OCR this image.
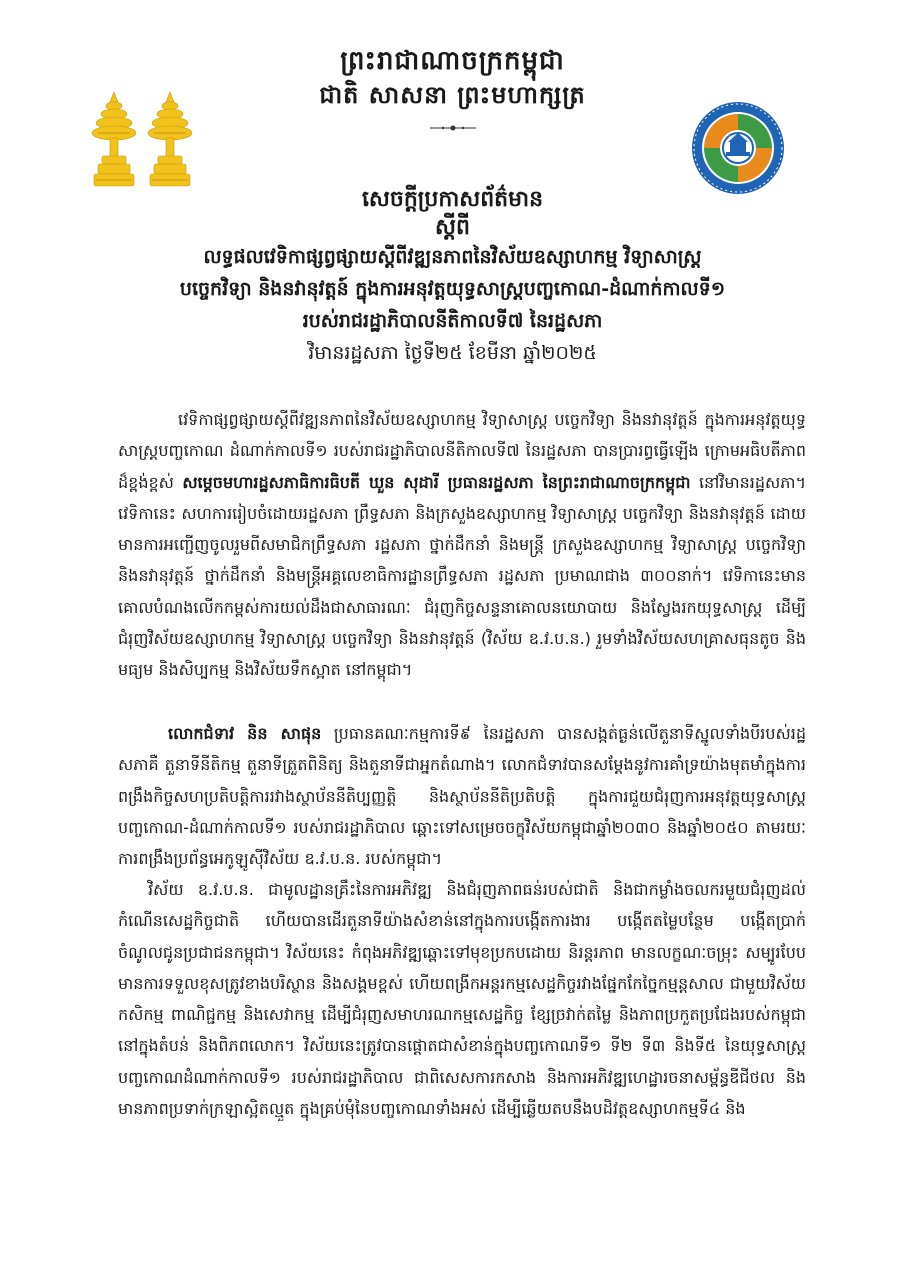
ព្រះរាជាណាចក្រកម្ពុជា
ជាតិ សាសនា ព្រះមហាក្សត្រ
សេចក្តីប្រកាសព័ត៌មាន
ស្តីពី
លទ្ធផលវេទិកាផ្សព្វផ្សាយស្តីពីវឌ្ឍនភាពនៃវិស័យឧស្សាហកម្ម វិទ្យាសាស្ត្រ
បច្ចេកវិទ្យា និងនវានុវត្តន៍ ក្នុងការអនុវត្តយុទ្ធសាស្ត្របញ្ចកោណ-ដំណាក់កាលទី១
របស់រាជរដ្ឋាភិបាលនីតិកាលទី៧ នៃរដ្ឋសភា
វិមានរដ្ឋសភា ថ្ងៃទី២៥ ខែមីនា ឆ្នាំ២០២៥
វេទិកាផ្សព្វផ្សាយស្តីពីវឌ្ឍនភាពនៃវិស័យឧស្សាហកម្ម វិទ្យាសាស្ត្រ បច្ចេកវិទ្យា និងនវានុវត្តន៍ ក្នុងការអនុវត្តយុទ្ធសាស្ត្របញ្ចកោណ ដំណាក់កាលទី១ របស់រាជរដ្ឋាភិបាលនីតិកាលទី៧ នៃរដ្ឋសភា បានប្រារព្ធធ្វើឡើង ក្រោមអធិបតីភាពដ៏ខ្ពង់ខ្ពស់ សម្តេចមហារដ្ឋសភាធិការធិបតី ឃួន សុដារី ប្រធានរដ្ឋសភា នៃព្រះរាជាណាចក្រកម្ពុជា នៅវិមានរដ្ឋសភា។ វេទិកានេះ សហការរៀបចំដោយរដ្ឋសភា ព្រឹទ្ធសភា និងក្រសួងឧស្សាហកម្ម វិទ្យាសាស្ត្រ បច្ចេកវិទ្យា និងនវានុវត្តន៍ ដោយមានការអញ្ជើញចូលរួមពីសមាជិកព្រឹទ្ធសភា រដ្ឋសភា ថ្នាក់ដឹកនាំ និងមន្ត្រី ក្រសួងឧស្សាហកម្ម វិទ្យាសាស្ត្រ បច្ចេកវិទ្យា និងនវានុវត្តន៍ ថ្នាក់ដឹកនាំ និងមន្ត្រីអគ្គលេខាធិការដ្ឋានព្រឹទ្ធសភា រដ្ឋសភា ប្រមាណជាង ៣០០នាក់។ វេទិកានេះមានគោលបំណងលើកកម្ពស់ការយល់ដឹងជាសាធារណៈ ជំរុញកិច្ចសន្ទនាគោលនយោបាយ និងស្វែងរកយុទ្ធសាស្ត្រ ដើម្បីជំរុញវិស័យឧស្សាហកម្ម វិទ្យាសាស្ត្រ បច្ចេកវិទ្យា និងនវានុវត្តន៍ (វិស័យ ឧ.វ.ប.ន.) រួមទាំងវិស័យសហគ្រាសធុនតូច និងមធ្យម និងសិប្បកម្ម និងវិស័យទឹកស្អាត នៅកម្ពុជា។
លោកជំទាវ និន សាផុន ប្រធានគណៈកម្មការទី៩ នៃរដ្ឋសភា បានសង្កត់ធ្ងន់លើតួនាទីស្នូលទាំងបីរបស់រដ្ឋសភាគឺ តួនាទីនីតិកម្ម តួនាទីត្រួតពិនិត្យ និងតួនាទីជាអ្នកតំណាង។ លោកជំទាវបានសម្តែងនូវការគាំទ្រយ៉ាងមុតមាំក្នុងការពង្រឹងកិច្ចសហប្រតិបត្តិការរវាងស្ថាប័ននីតិប្បញ្ញត្តិ និងស្ថាប័ននីតិប្រតិបត្តិ ក្នុងការជួយជំរុញការអនុវត្តយុទ្ធសាស្ត្របញ្ចកោណ-ដំណាក់កាលទី១ របស់រាជរដ្ឋាភិបាល ឆ្ពោះទៅសម្រេចចក្ខុវិស័យកម្ពុជាឆ្នាំ២០៣០ និងឆ្នាំ២០៥០ តាមរយៈការពង្រឹងប្រព័ន្ធអេកូឡូស៊ីវិស័យ ឧ.វ.ប.ន. របស់កម្ពុជា។
វិស័យ ឧ.វ.ប.ន. ជាមូលដ្ឋានគ្រឹះនៃការអភិវឌ្ឍ និងជំរុញភាពធន់របស់ជាតិ និងជាកម្លាំងចលករមួយជំរុញដល់កំណើនសេដ្ឋកិច្ចជាតិ ហើយបានដើរតួនាទីយ៉ាងសំខាន់នៅក្នុងការបង្កើតការងារ បង្កើតតម្លៃបន្ថែម បង្កើតប្រាក់ចំណូលជូនប្រជាជនកម្ពុជា។ វិស័យនេះ កំពុងអភិវឌ្ឍឆ្ពោះទៅមុខប្រកបដោយ និរន្តរភាព មានលក្ខណៈចម្រុះ សម្បូរបែប មានការទទួលខុសត្រូវខាងបរិស្ថាន និងសង្គមខ្ពស់ ហើយពង្រីកអន្តរកម្មសេដ្ឋកិច្ចរវាងផ្នែកកែច្នៃកម្មន្តសាល ជាមួយវិស័យកសិកម្ម ពាណិជ្ជកម្ម និងសេវាកម្ម ដើម្បីជំរុញសមាហរណកម្មសេដ្ឋកិច្ច ខ្សែច្រវាក់តម្លៃ និងភាពប្រកួតប្រជែងរបស់កម្ពុជានៅក្នុងតំបន់ និងពិភពលោក។ វិស័យនេះត្រូវបានផ្តោតជាសំខាន់ក្នុងបញ្ចកោណទី១ ទី២ ទី៣ និងទី៥ នៃយុទ្ធសាស្ត្របញ្ចកោណដំណាក់កាលទី១ របស់រាជរដ្ឋាភិបាល ជាពិសេសការកសាង និងការអភិវឌ្ឍហេដ្ឋារចនាសម្ព័ន្ធឌីជីថល និងមានភាពប្រទាក់ក្រឡាស្អិតល្មួត ក្នុងគ្រប់មុំនៃបញ្ចកោណទាំងអស់ ដើម្បីឆ្លើយតបនឹងបដិវត្តឧស្សាហកម្មទី៤ និង
